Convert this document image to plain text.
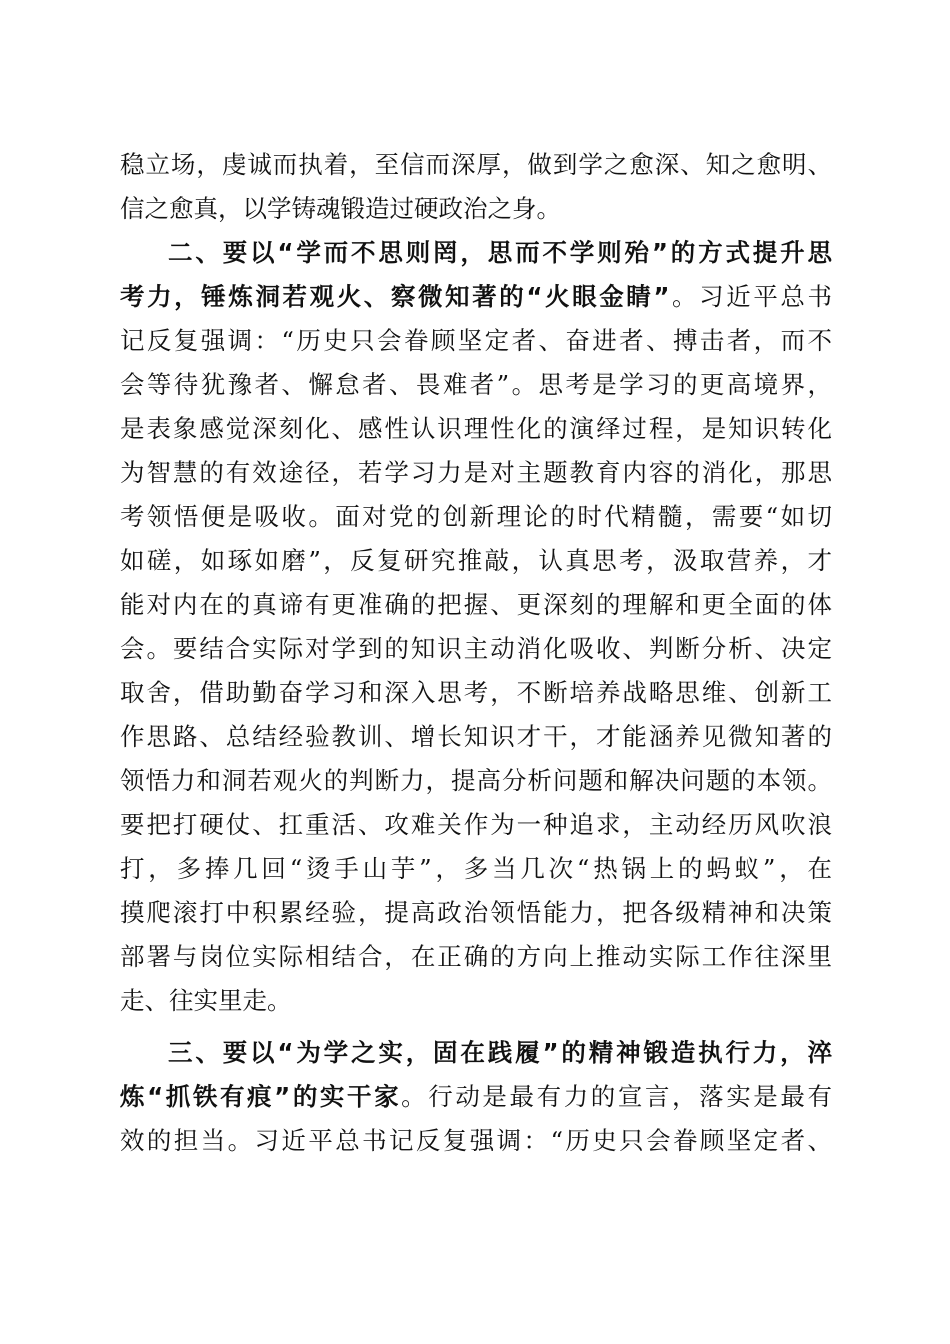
稳立场，虔诚而执着，至信而深厚，做到学之愈深、知之愈明、
信之愈真，以学铸魂锻造过硬政治之身。
二、要以“学而不思则罔，思而不学则殆”的方式提升思
考力，锤炼洞若观火、察微知著的“火眼金睛”。习近平总书
记反复强调：“历史只会眷顾坚定者、奋进者、搏击者，而不
会等待犹豫者、懈怠者、畏难者”。思考是学习的更高境界，
是表象感觉深刻化、感性认识理性化的演绎过程，是知识转化
为智慧的有效途径，若学习力是对主题教育内容的消化，那思
考领悟便是吸收。面对党的创新理论的时代精髓，需要“如切
如磋，如琢如磨”，反复研究推敲，认真思考，汲取营养，才
能对内在的真谛有更准确的把握、更深刻的理解和更全面的体
会。要结合实际对学到的知识主动消化吸收、判断分析、决定
取舍，借助勤奋学习和深入思考，不断培养战略思维、创新工
作思路、总结经验教训、增长知识才干，才能涵养见微知著的
领悟力和洞若观火的判断力，提高分析问题和解决问题的本领。
要把打硬仗、扛重活、攻难关作为一种追求，主动经历风吹浪
打，多捧几回“烫手山芋”，多当几次“热锅上的蚂蚁”，在
摸爬滚打中积累经验，提高政治领悟能力，把各级精神和决策
部署与岗位实际相结合，在正确的方向上推动实际工作往深里
走、往实里走。
三、要以“为学之实，固在践履”的精神锻造执行力，淬
炼“抓铁有痕”的实干家。行动是最有力的宣言，落实是最有
效的担当。习近平总书记反复强调：“历史只会眷顾坚定者、
